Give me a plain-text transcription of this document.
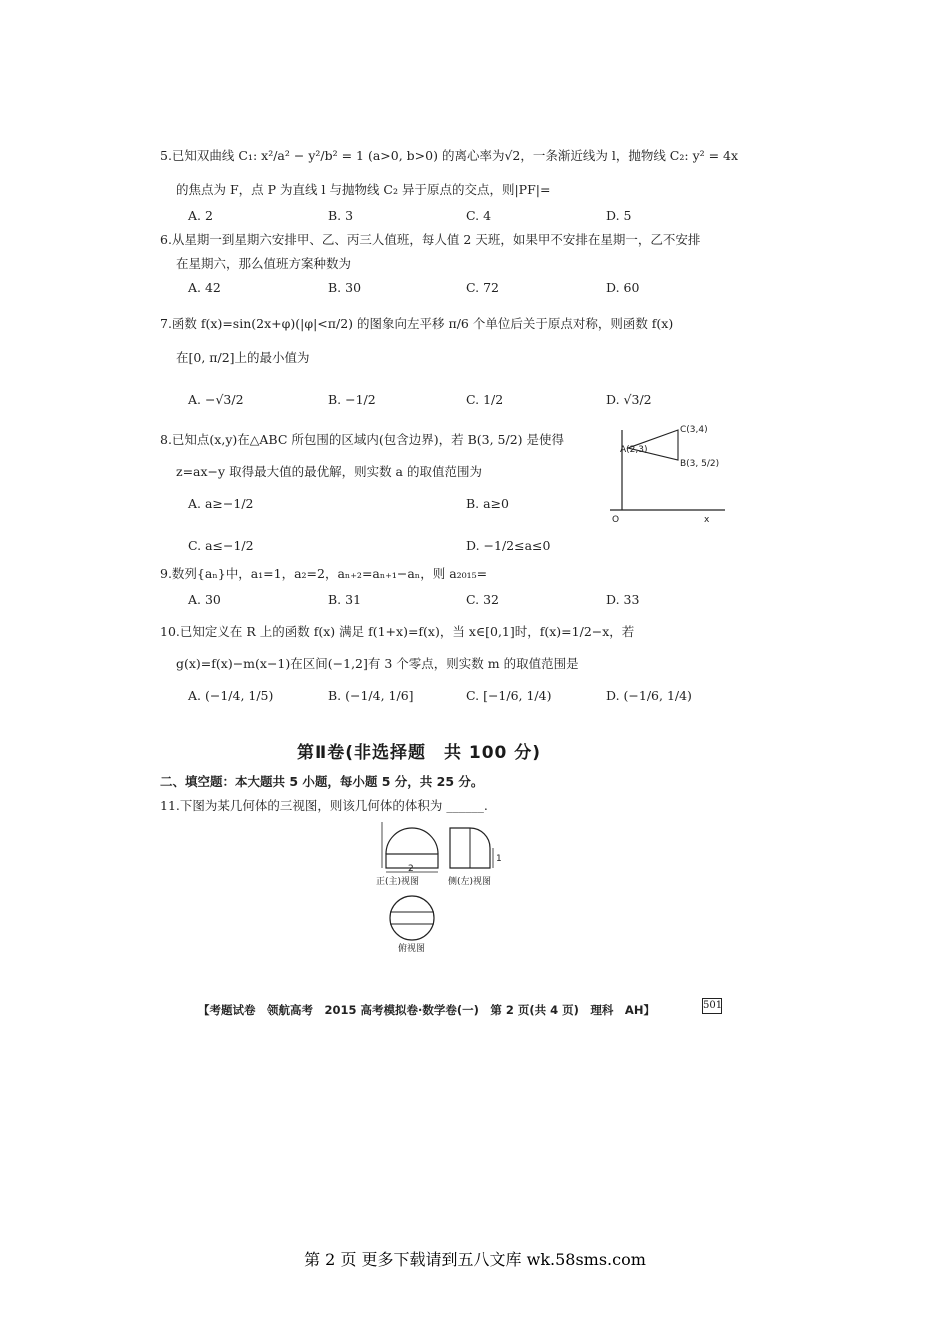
5.已知双曲线 C₁: x²/a² − y²/b² = 1 (a>0, b>0) 的离心率为√2，一条渐近线为 l，抛物线 C₂: y² = 4x
的焦点为 F，点 P 为直线 l 与抛物线 C₂ 异于原点的交点，则|PF|=
A. 2	B. 3	C. 4	D. 5
6.从星期一到星期六安排甲、乙、丙三人值班，每人值 2 天班，如果甲不安排在星期一，乙不安排
在星期六，那么值班方案种数为
A. 42	B. 30	C. 72	D. 60
7.函数 f(x)=sin(2x+φ)(|φ|<π/2) 的图象向左平移 π/6 个单位后关于原点对称，则函数 f(x)
在[0, π/2]上的最小值为
A. −√3/2	B. −1/2	C. 1/2	D. √3/2
8.已知点(x,y)在△ABC 所包围的区域内(包含边界)，若 B(3, 5/2) 是使得
z=ax−y 取得最大值的最优解，则实数 a 的取值范围为
A. a≥−1/2	B. a≥0
C. a≤−1/2	D. −1/2≤a≤0
A(2,3)
C(3,4)
B(3, 5/2)
O	x
9.数列{aₙ}中，a₁=1，a₂=2，aₙ₊₂=aₙ₊₁−aₙ，则 a₂₀₁₅=
A. 30	B. 31	C. 32	D. 33
10.已知定义在 R 上的函数 f(x) 满足 f(1+x)=f(x)，当 x∈[0,1]时，f(x)=1/2−x，若
g(x)=f(x)−m(x−1)在区间(−1,2]有 3 个零点，则实数 m 的取值范围是
A. (−1/4, 1/5)	B. (−1/4, 1/6]	C. [−1/6, 1/4)	D. (−1/6, 1/4)
第Ⅱ卷(非选择题　共 100 分)
二、填空题：本大题共 5 小题，每小题 5 分，共 25 分。
11.下图为某几何体的三视图，则该几何体的体积为 ______.
2
正(主)视图
1
侧(左)视图
俯视图
【考题试卷　领航高考　2015 高考模拟卷·数学卷(一)　第 2 页(共 4 页)　理科　AH】	501
第 2 页 更多下载请到五八文库 wk.58sms.com
